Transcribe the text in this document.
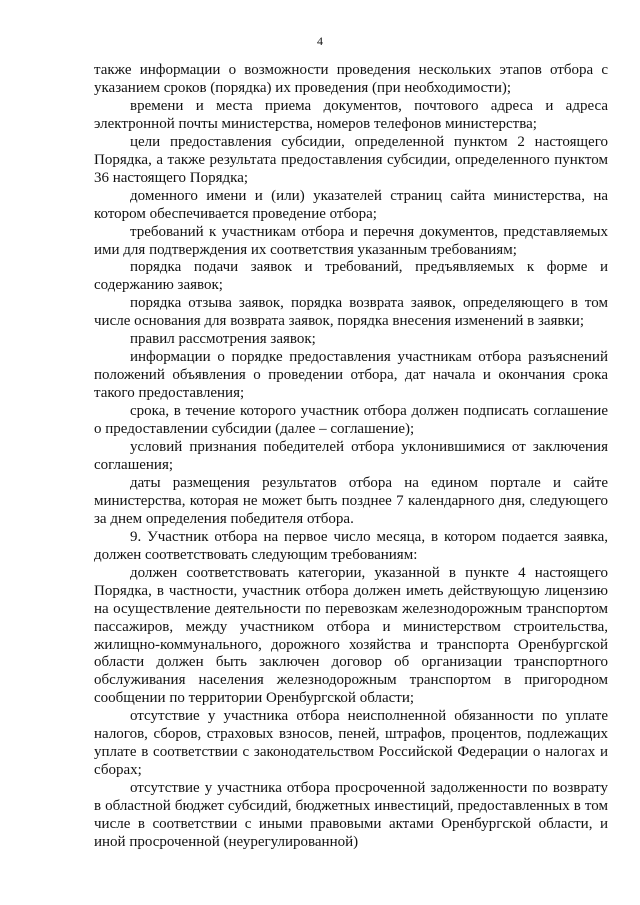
4

также информации о возможности проведения нескольких этапов отбора с указанием сроков (порядка) их проведения (при необходимости);

времени и места приема документов, почтового адреса и адреса электронной почты министерства, номеров телефонов министерства;

цели предоставления субсидии, определенной пунктом 2 настоящего Порядка, а также результата предоставления субсидии, определенного пунктом 36 настоящего Порядка;

доменного имени и (или) указателей страниц сайта министерства, на котором обеспечивается проведение отбора;

требований к участникам отбора и перечня документов, представляемых ими для подтверждения их соответствия указанным требованиям;

порядка подачи заявок и требований, предъявляемых к форме и содержанию заявок;

порядка отзыва заявок, порядка возврата заявок, определяющего в том числе основания для возврата заявок, порядка внесения изменений в заявки;

правил рассмотрения заявок;

информации о порядке предоставления участникам отбора разъяснений положений объявления о проведении отбора, дат начала и окончания срока такого предоставления;

срока, в течение которого участник отбора должен подписать соглашение о предоставлении субсидии (далее – соглашение);

условий признания победителей отбора уклонившимися от заключения соглашения;

даты размещения результатов отбора на едином портале и сайте министерства, которая не может быть позднее 7 календарного дня, следующего за днем определения победителя отбора.

9. Участник отбора на первое число месяца, в котором подается заявка, должен соответствовать следующим требованиям:

должен соответствовать категории, указанной в пункте 4 настоящего Порядка, в частности, участник отбора должен иметь действующую лицензию на осуществление деятельности по перевозкам железнодорожным транспортом пассажиров, между участником отбора и министерством строительства, жилищно-коммунального, дорожного хозяйства и транспорта Оренбургской области должен быть заключен договор об организации транспортного обслуживания населения железнодорожным транспортом в пригородном сообщении по территории Оренбургской области;

отсутствие у участника отбора неисполненной обязанности по уплате налогов, сборов, страховых взносов, пеней, штрафов, процентов, подлежащих уплате в соответствии с законодательством Российской Федерации о налогах и сборах;

отсутствие у участника отбора просроченной задолженности по возврату в областной бюджет субсидий, бюджетных инвестиций, предоставленных в том числе в соответствии с иными правовыми актами Оренбургской области, и иной просроченной (неурегулированной)
